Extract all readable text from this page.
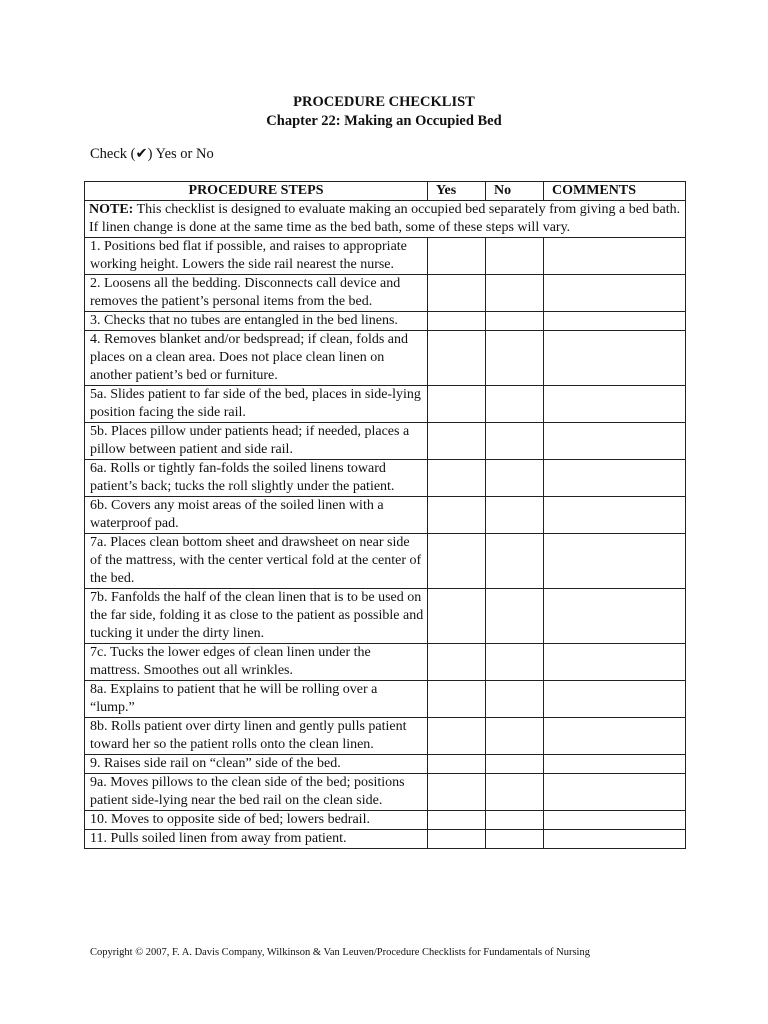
PROCEDURE CHECKLIST
Chapter 22: Making an Occupied Bed
Check (✔) Yes or No
PROCEDURE STEPS	Yes	No	COMMENTS
NOTE: This checklist is designed to evaluate making an occupied bed separately from giving a bed bath. If linen change is done at the same time as the bed bath, some of these steps will vary.			
1. Positions bed flat if possible, and raises to appropriate working height. Lowers the side rail nearest the nurse.			
2. Loosens all the bedding. Disconnects call device and removes the patient’s personal items from the bed.			
3. Checks that no tubes are entangled in the bed linens.			
4. Removes blanket and/or bedspread; if clean, folds and places on a clean area. Does not place clean linen on another patient’s bed or furniture.			
5a. Slides patient to far side of the bed, places in side-lying position facing the side rail.			
5b. Places pillow under patients head; if needed, places a pillow between patient and side rail.			
6a. Rolls or tightly fan-folds the soiled linens toward patient’s back; tucks the roll slightly under the patient.			
6b. Covers any moist areas of the soiled linen with a waterproof pad.			
7a. Places clean bottom sheet and drawsheet on near side of the mattress, with the center vertical fold at the center of the bed.			
7b. Fanfolds the half of the clean linen that is to be used on the far side, folding it as close to the patient as possible and tucking it under the dirty linen.			
7c. Tucks the lower edges of clean linen under the mattress. Smoothes out all wrinkles.			
8a. Explains to patient that he will be rolling over a “lump.”			
8b. Rolls patient over dirty linen and gently pulls patient toward her so the patient rolls onto the clean linen.			
9. Raises side rail on “clean” side of the bed.			
9a. Moves pillows to the clean side of the bed; positions patient side-lying near the bed rail on the clean side.			
10. Moves to opposite side of bed; lowers bedrail.			
11. Pulls soiled linen from away from patient.			
Copyright © 2007, F. A. Davis Company, Wilkinson & Van Leuven/Procedure Checklists for Fundamentals of Nursing
